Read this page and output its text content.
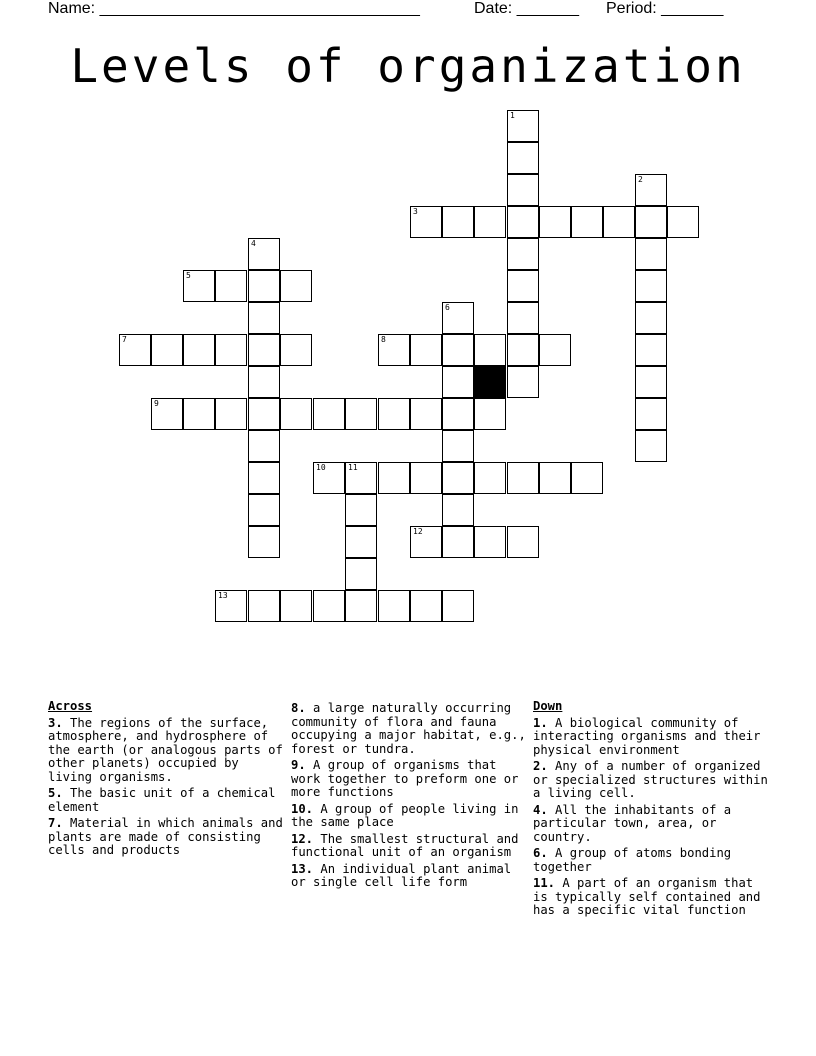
Name: ____________________________________

	Date: _______

Period: _______

Levels of organization
1
2
3
4
5
6
7	8
9
10	11
12
13
Across
3. The regions of the surface, atmosphere, and hydrosphere of the earth (or analogous parts of other planets) occupied by living organisms.
5. The basic unit of a chemical element
7. Material in which animals and plants are made of consisting cells and products
8. a large naturally occurring community of flora and fauna occupying a major habitat, e.g., forest or tundra.
9. A group of organisms that work together to preform one or more functions
10. A group of people living in the same place
12. The smallest structural and functional unit of an organism
13. An individual plant animal or single cell life form
Down
1. A biological community of interacting organisms and their physical environment
2. Any of a number of organized or specialized structures within a living cell.
4. All the inhabitants of a particular town, area, or country.
6. A group of atoms bonding together
11. A part of an organism that is typically self contained and has a specific vital function
